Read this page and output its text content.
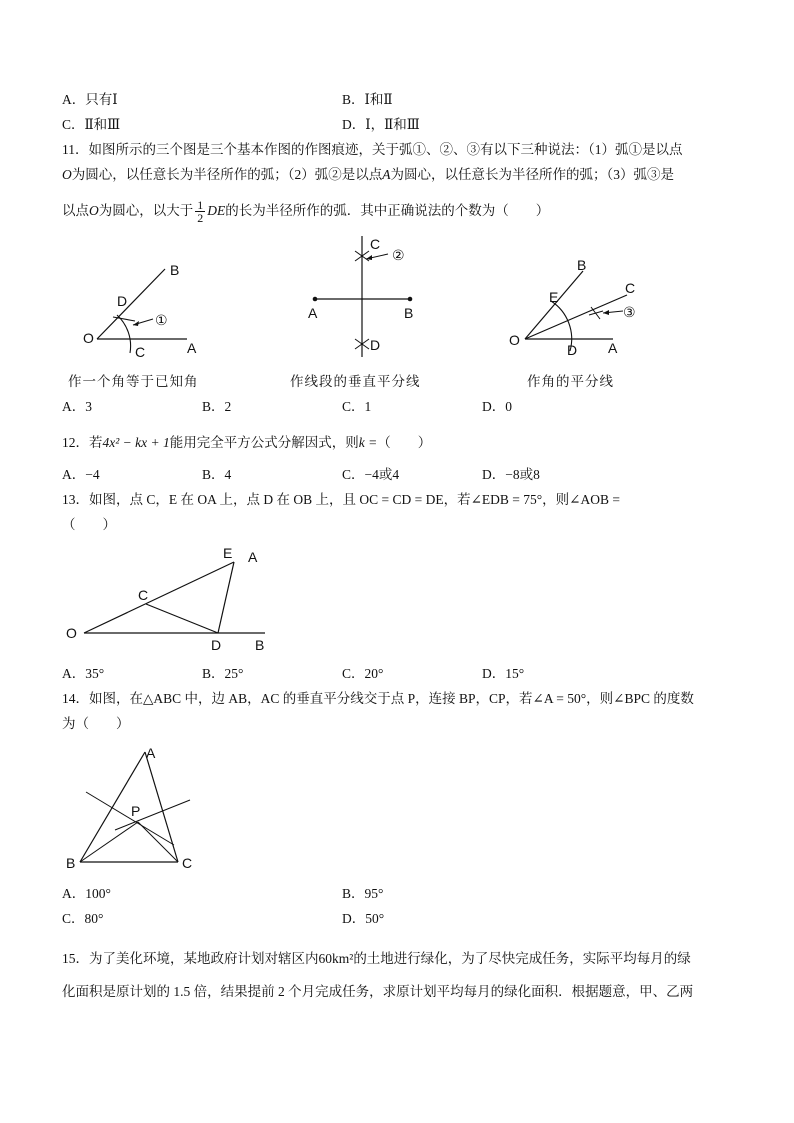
A．只有Ⅰ	B．Ⅰ和Ⅱ
C．Ⅱ和Ⅲ	D．Ⅰ，Ⅱ和Ⅲ
11．如图所示的三个图是三个基本作图的作图痕迹，关于弧①、②、③有以下三种说法：（1）弧①是以点
O为圆心，以任意长为半径所作的弧；（2）弧②是以点A为圆心，以任意长为半径所作的弧；（3）弧③是
以点O为圆心，以大于 $\frac{1}{2}$ DE的长为半径所作的弧．其中正确说法的个数为（　　）
B
D
O
C	A
①
C
②
A	B
D
B
C
E
③
O
D A
作一个角等于已知角	作线段的垂直平分线	作角的平分线
A．3	B．2	C．1	D．0
12．若4x² − kx + 1能用完全平方公式分解因式，则k =（　　）
A．−4	B．4	C．−4或4	D．−8或8
13．如图，点 C，E 在 OA 上，点 D 在 OB 上，且 OC = CD = DE，若∠EDB = 75°，则∠AOB =
（　　）
E A
C
O
D B
A．35°	B．25°	C．20°	D．15°
14．如图，在△ABC 中，边 AB，AC 的垂直平分线交于点 P，连接 BP，CP，若∠A = 50°，则∠BPC 的度数
为（　　）
A
P
B	C
A．100°	B．95°
C．80°	D．50°
15．为了美化环境，某地政府计划对辖区内60km²的土地进行绿化，为了尽快完成任务，实际平均每月的绿
化面积是原计划的 1.5 倍，结果提前 2 个月完成任务，求原计划平均每月的绿化面积．根据题意，甲、乙两
